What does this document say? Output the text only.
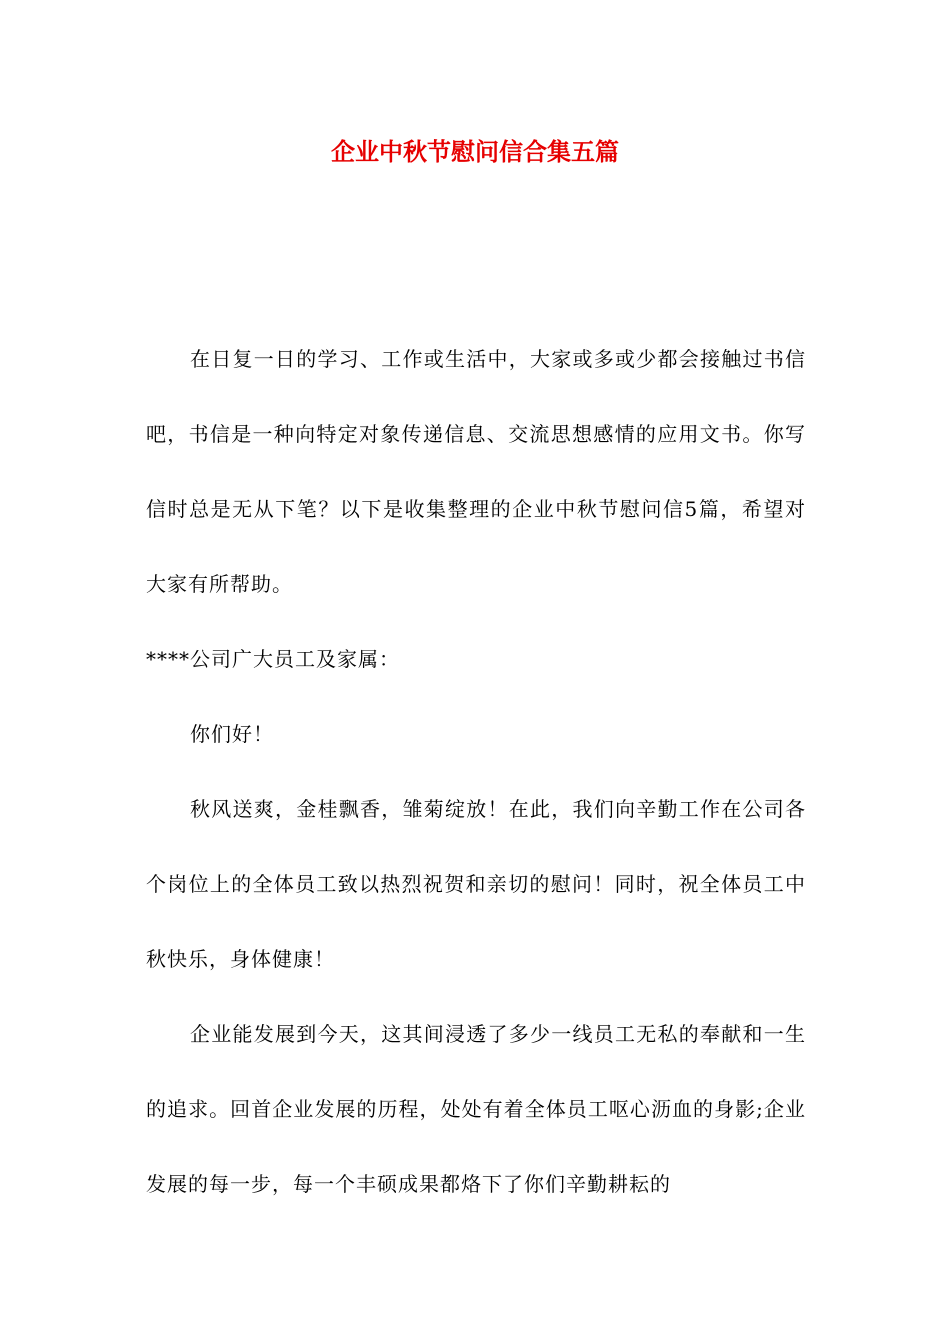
企业中秋节慰问信合集五篇

在日复一日的学习、工作或生活中，大家或多或少都会接触过书信吧，书信是一种向特定对象传递信息、交流思想感情的应用文书。你写信时总是无从下笔？以下是收集整理的企业中秋节慰问信5篇，希望对大家有所帮助。

****公司广大员工及家属：

你们好！

秋风送爽，金桂飘香，雏菊绽放！在此，我们向辛勤工作在公司各个岗位上的全体员工致以热烈祝贺和亲切的慰问！同时，祝全体员工中秋快乐，身体健康！

企业能发展到今天，这其间浸透了多少一线员工无私的奉献和一生的追求。回首企业发展的历程，处处有着全体员工呕心沥血的身影;企业发展的每一步，每一个丰硕成果都烙下了你们辛勤耕耘的
